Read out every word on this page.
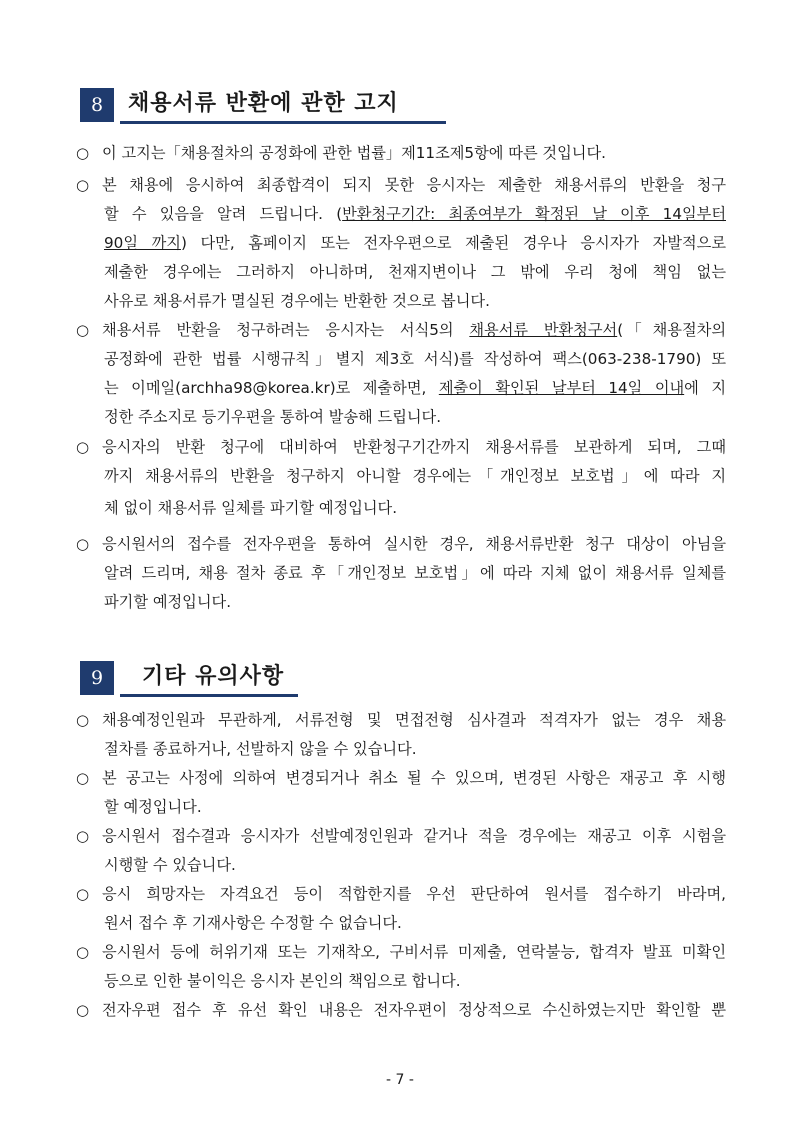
8	채용서류 반환에 관한 고지
○ 이 고지는「채용절차의 공정화에 관한 법률」제11조제5항에 따른 것입니다.
○ 본 채용에 응시하여 최종합격이 되지 못한 응시자는 제출한 채용서류의 반환을 청구
할 수 있음을 알려 드립니다. (반환청구기간: 최종여부가 확정된 날 이후 14일부터
90일 까지) 다만, 홈페이지 또는 전자우편으로 제출된 경우나 응시자가 자발적으로
제출한 경우에는 그러하지 아니하며, 천재지변이나 그 밖에 우리 청에 책임 없는
사유로 채용서류가 멸실된 경우에는 반환한 것으로 봅니다.
○ 채용서류 반환을 청구하려는 응시자는 서식5의 채용서류 반환청구서(「채용절차의
공정화에 관한 법률 시행규칙」별지 제3호 서식)를 작성하여 팩스(063-238-1790) 또
는 이메일(archha98@korea.kr)로 제출하면, 제출이 확인된 날부터 14일 이내에 지
정한 주소지로 등기우편을 통하여 발송해 드립니다.
○ 응시자의 반환 청구에 대비하여 반환청구기간까지 채용서류를 보관하게 되며, 그때
까지 채용서류의 반환을 청구하지 아니할 경우에는「개인정보 보호법」에 따라 지
체 없이 채용서류 일체를 파기할 예정입니다.
○ 응시원서의 접수를 전자우편을 통하여 실시한 경우, 채용서류반환 청구 대상이 아님을
알려 드리며, 채용 절차 종료 후「개인정보 보호법」에 따라 지체 없이 채용서류 일체를
파기할 예정입니다.
9	기타 유의사항
○ 채용예정인원과 무관하게, 서류전형 및 면접전형 심사결과 적격자가 없는 경우 채용
절차를 종료하거나, 선발하지 않을 수 있습니다.
○ 본 공고는 사정에 의하여 변경되거나 취소 될 수 있으며, 변경된 사항은 재공고 후 시행
할 예정입니다.
○ 응시원서 접수결과 응시자가 선발예정인원과 같거나 적을 경우에는 재공고 이후 시험을
시행할 수 있습니다.
○ 응시 희망자는 자격요건 등이 적합한지를 우선 판단하여 원서를 접수하기 바라며,
원서 접수 후 기재사항은 수정할 수 없습니다.
○ 응시원서 등에 허위기재 또는 기재착오, 구비서류 미제출, 연락불능, 합격자 발표 미확인
등으로 인한 불이익은 응시자 본인의 책임으로 합니다.
○ 전자우편 접수 후 유선 확인 내용은 전자우편이 정상적으로 수신하였는지만 확인할 뿐
- 7 -
